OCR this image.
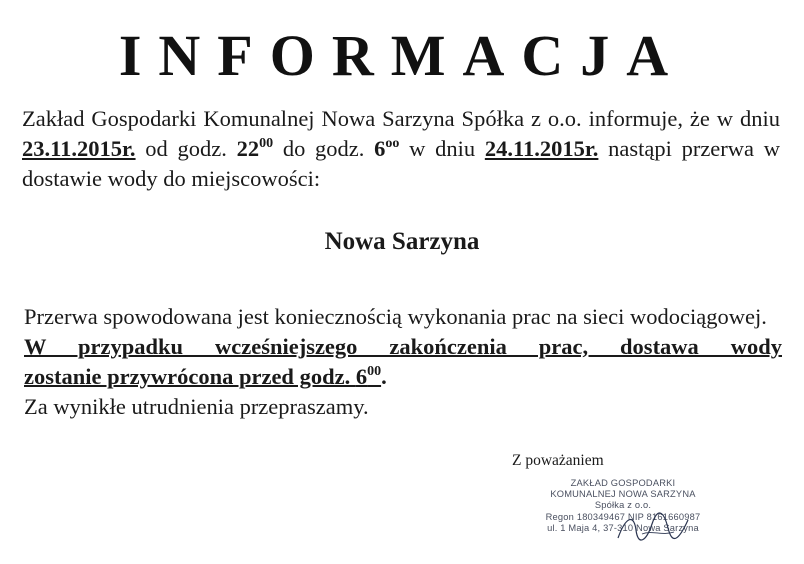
INFORMACJA
Zakład Gospodarki Komunalnej Nowa Sarzyna Spółka z o.o. informuje, że w dniu 23.11.2015r. od godz. $22^{00}$ do godz. $6^{oo}$ w dniu 24.11.2015r. nastąpi przerwa w dostawie wody do miejscowości:
Nowa Sarzyna
Przerwa spowodowana jest koniecznością wykonania prac na sieci wodociągowej.
W przypadku wcześniejszego zakończenia prac, dostawa wody
zostanie przywrócona przed godz. $6^{00}$.
Za wynikłe utrudnienia przepraszamy.
Z poważaniem
ZAKŁAD GOSPODARKI
KOMUNALNEJ NOWA SARZYNA
Spółka z o.o.
Regon 180349467 NIP 8161660987
ul. 1 Maja 4, 37-310 Nowa Sarzyna
